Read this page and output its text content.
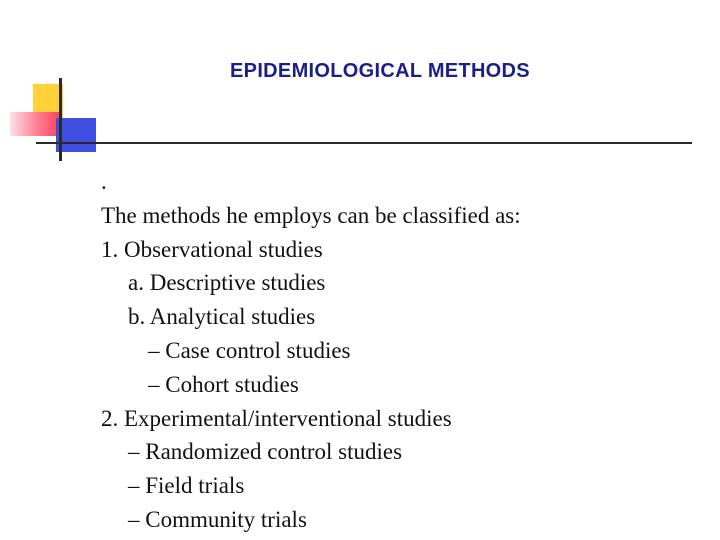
EPIDEMIOLOGICAL METHODS
.
The methods he employs can be classified as:
1. Observational studies
a. Descriptive studies
b. Analytical studies
– Case control studies
– Cohort studies
2. Experimental/interventional studies
– Randomized control studies
– Field trials
– Community trials
